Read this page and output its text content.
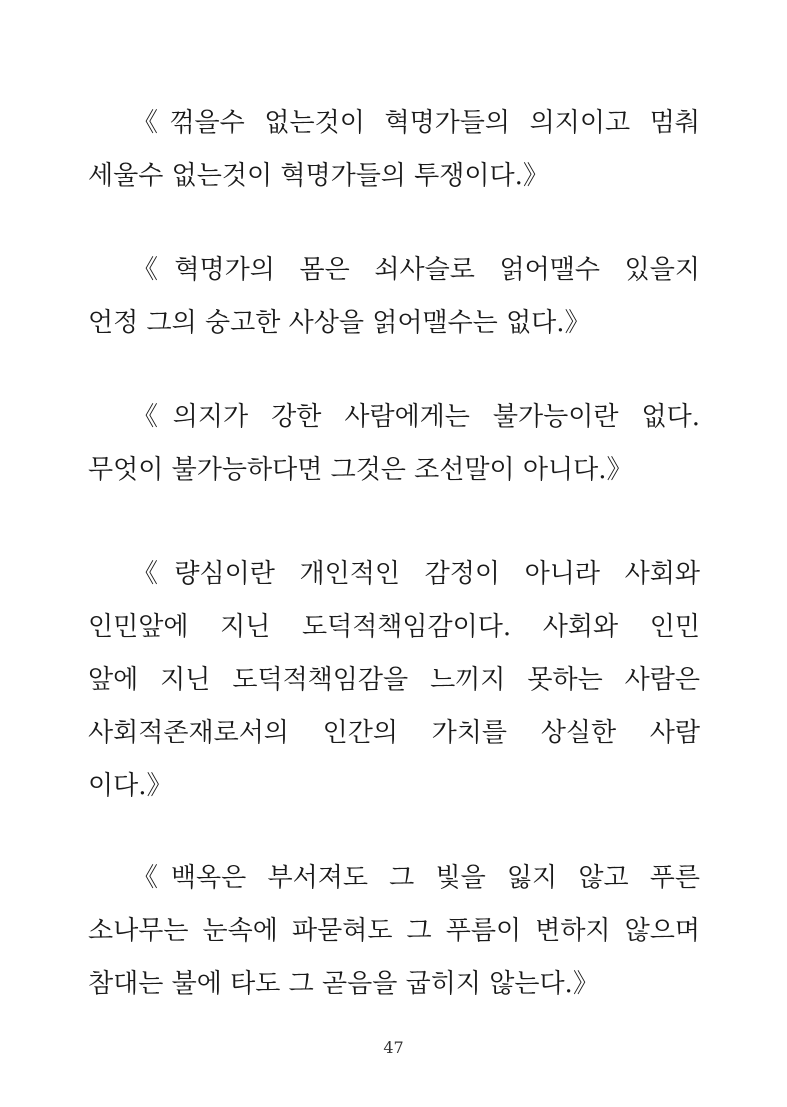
《꺾을수 없는것이 혁명가들의 의지이고 멈춰
세울수 없는것이 혁명가들의 투쟁이다.》
《혁명가의 몸은 쇠사슬로 얽어맬수 있을지
언정 그의 숭고한 사상을 얽어맬수는 없다.》
《의지가 강한 사람에게는 불가능이란 없다.
무엇이 불가능하다면 그것은 조선말이 아니다.》
《량심이란 개인적인 감정이 아니라 사회와
인민앞에 지닌 도덕적책임감이다. 사회와 인민
앞에 지닌 도덕적책임감을 느끼지 못하는 사람은
사회적존재로서의 인간의 가치를 상실한 사람
이다.》
《백옥은 부서져도 그 빛을 잃지 않고 푸른
소나무는 눈속에 파묻혀도 그 푸름이 변하지 않으며
참대는 불에 타도 그 곧음을 굽히지 않는다.》
47
